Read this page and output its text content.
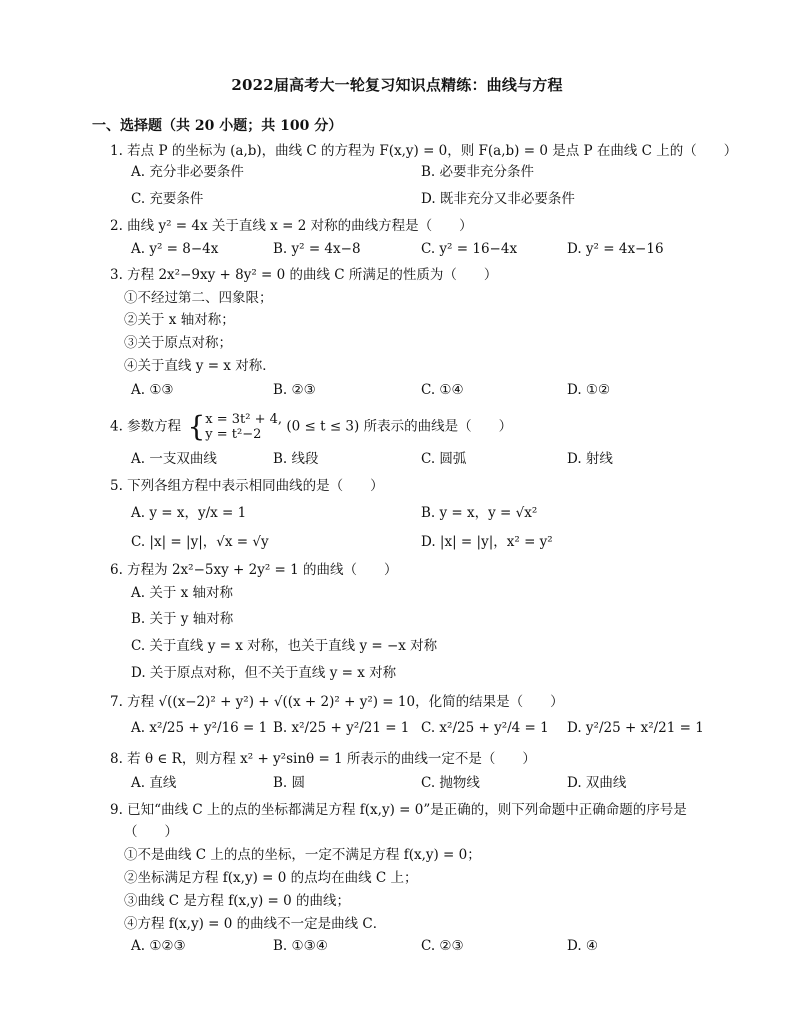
2022届高考大一轮复习知识点精练：曲线与方程
一、选择题（共 20 小题；共 100 分）
1. 若点 P 的坐标为 (a,b)，曲线 C 的方程为 F(x,y) = 0，则 F(a,b) = 0 是点 P 在曲线 C 上的（　　）
A. 充分非必要条件	B. 必要非充分条件
C. 充要条件	D. 既非充分又非必要条件
2. 曲线 y² = 4x 关于直线 x = 2 对称的曲线方程是（　　）
A. y² = 8−4x	B. y² = 4x−8	C. y² = 16−4x	D. y² = 4x−16
3. 方程 2x²−9xy + 8y² = 0 的曲线 C 所满足的性质为（　　）
①不经过第二、四象限；
②关于 x 轴对称；
③关于原点对称；
④关于直线 y = x 对称．
A. ①③	B. ②③	C. ①④	D. ①②
4. 参数方程 { x = 3t² + 4,
y = t²−2	(0 ≤ t ≤ 3) 所表示的曲线是（　　）
A. 一支双曲线	B. 线段	C. 圆弧	D. 射线
5. 下列各组方程中表示相同曲线的是（　　）
A. y = x，y/x = 1	B. y = x，y = √x²
C. |x| = |y|，√x = √y	D. |x| = |y|，x² = y²
6. 方程为 2x²−5xy + 2y² = 1 的曲线（　　）
A. 关于 x 轴对称
B. 关于 y 轴对称
C. 关于直线 y = x 对称，也关于直线 y = −x 对称
D. 关于原点对称，但不关于直线 y = x 对称
7. 方程 √((x−2)² + y²) + √((x + 2)² + y²) = 10，化简的结果是（　　）
A. x²/25 + y²/16 = 1 B. x²/25 + y²/21 = 1 C. x²/25 + y²/4 = 1 D. y²/25 + x²/21 = 1
8. 若 θ ∈ R，则方程 x² + y²sinθ = 1 所表示的曲线一定不是（　　）
A. 直线	B. 圆	C. 抛物线	D. 双曲线
9. 已知“曲线 C 上的点的坐标都满足方程 f(x,y) = 0”是正确的，则下列命题中正确命题的序号是
（　　）
①不是曲线 C 上的点的坐标，一定不满足方程 f(x,y) = 0；
②坐标满足方程 f(x,y) = 0 的点均在曲线 C 上；
③曲线 C 是方程 f(x,y) = 0 的曲线；
④方程 f(x,y) = 0 的曲线不一定是曲线 C．
A. ①②③	B. ①③④	C. ②③	D. ④
